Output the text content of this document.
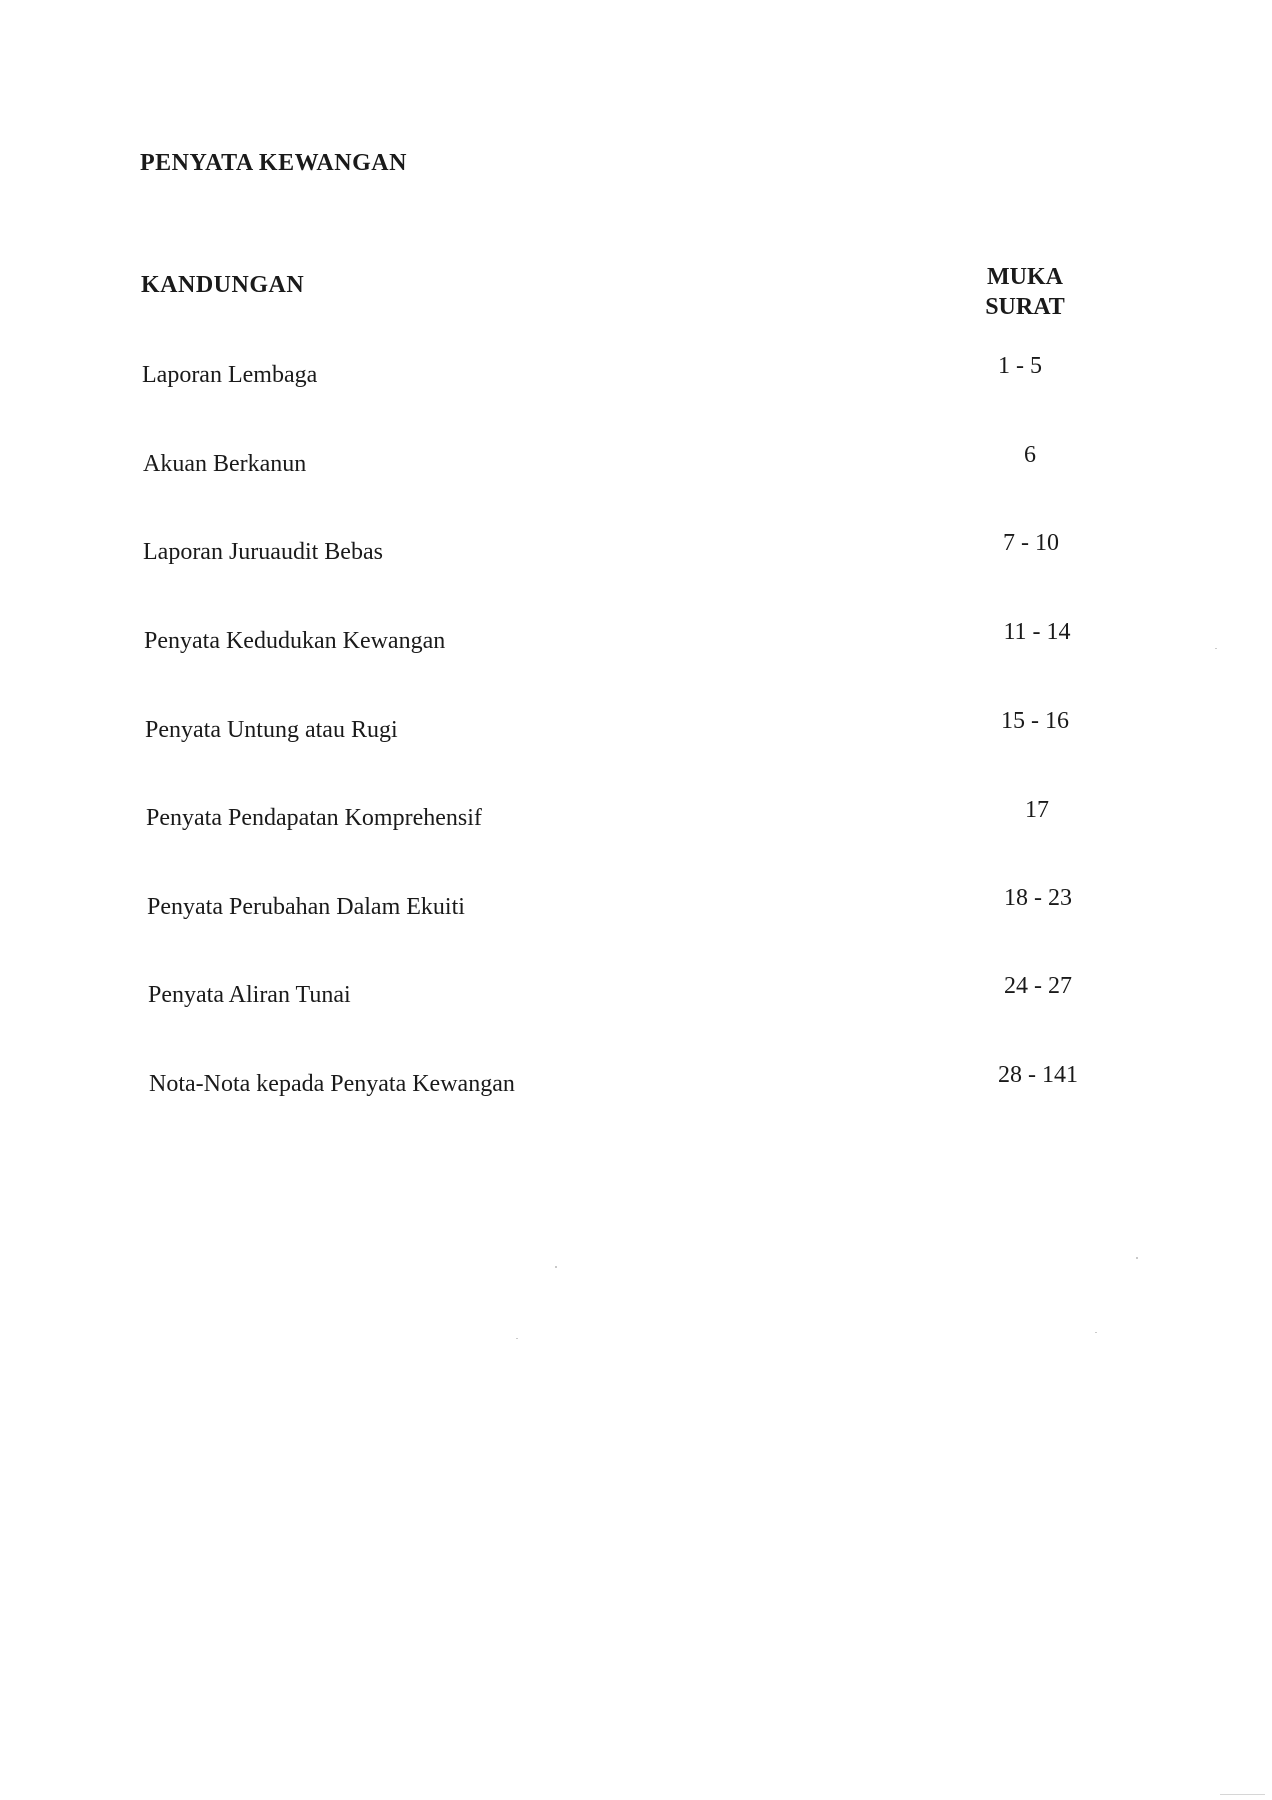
PENYATA KEWANGAN
KANDUNGAN	MUKA
SURAT
Laporan Lembaga	1 - 5
Akuan Berkanun	6
Laporan Juruaudit Bebas	7 - 10
Penyata Kedudukan Kewangan	11 - 14
Penyata Untung atau Rugi	15 - 16
Penyata Pendapatan Komprehensif	17
Penyata Perubahan Dalam Ekuiti	18 - 23
Penyata Aliran Tunai	24 - 27
Nota-Nota kepada Penyata Kewangan	28 - 141
